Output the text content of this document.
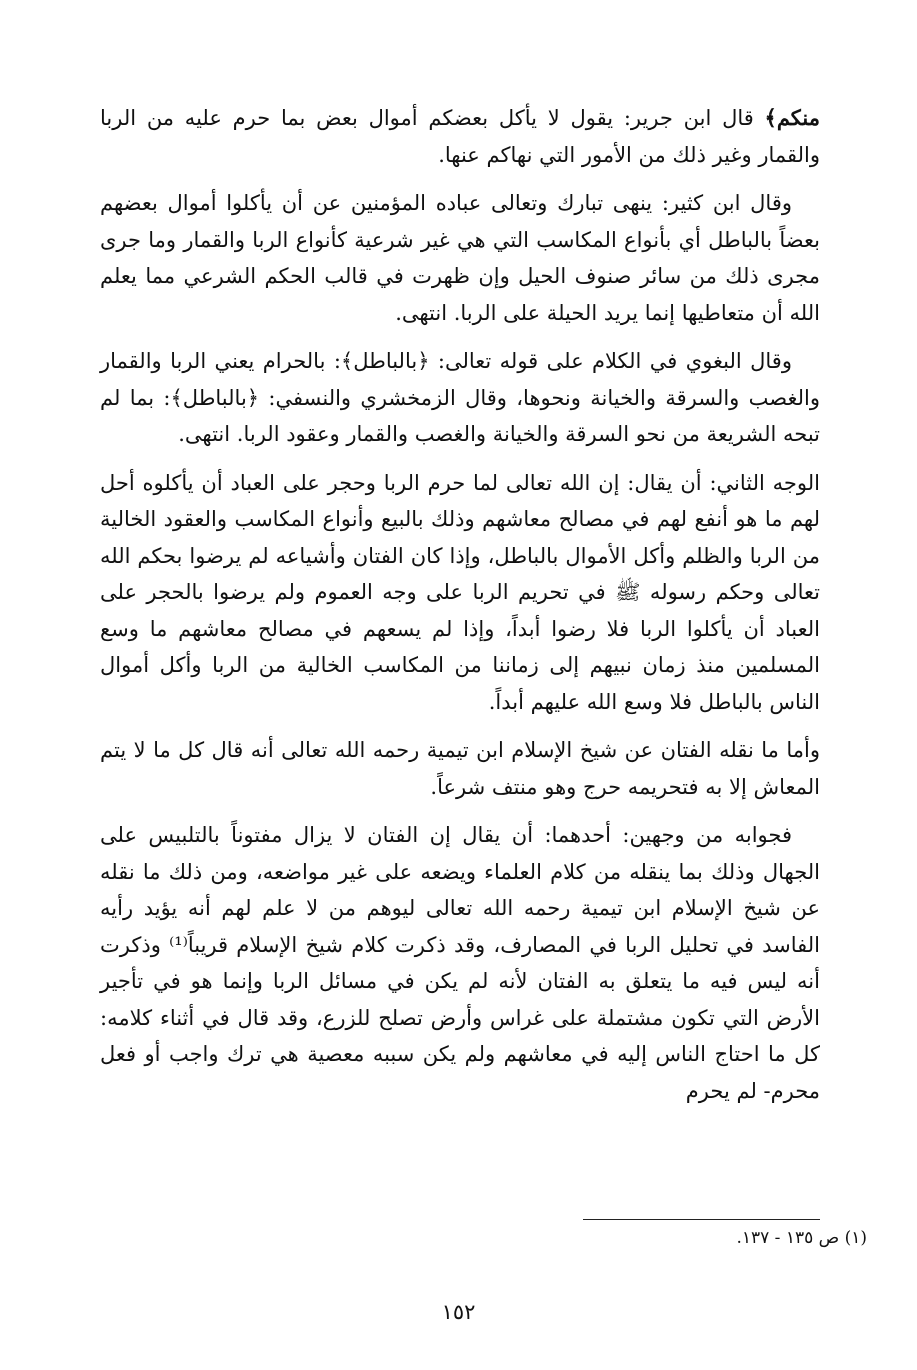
منكم﴾ قال ابن جرير: يقول لا يأكل بعضكم أموال بعض بما حرم عليه من الربا والقمار وغير ذلك من الأمور التي نهاكم عنها.

وقال ابن كثير: ينهى تبارك وتعالى عباده المؤمنين عن أن يأكلوا أموال بعضهم بعضاً بالباطل أي بأنواع المكاسب التي هي غير شرعية كأنواع الربا والقمار وما جرى مجرى ذلك من سائر صنوف الحيل وإن ظهرت في قالب الحكم الشرعي مما يعلم الله أن متعاطيها إنما يريد الحيلة على الربا. انتهى.

وقال البغوي في الكلام على قوله تعالى: ﴿بالباطل﴾: بالحرام يعني الربا والقمار والغصب والسرقة والخيانة ونحوها، وقال الزمخشري والنسفي: ﴿بالباطل﴾: بما لم تبحه الشريعة من نحو السرقة والخيانة والغصب والقمار وعقود الربا. انتهى.

الوجه الثاني: أن يقال: إن الله تعالى لما حرم الربا وحجر على العباد أن يأكلوه أحل لهم ما هو أنفع لهم في مصالح معاشهم وذلك بالبيع وأنواع المكاسب والعقود الخالية من الربا والظلم وأكل الأموال بالباطل، وإذا كان الفتان وأشياعه لم يرضوا بحكم الله تعالى وحكم رسوله ﷺ في تحريم الربا على وجه العموم ولم يرضوا بالحجر على العباد أن يأكلوا الربا فلا رضوا أبداً، وإذا لم يسعهم في مصالح معاشهم ما وسع المسلمين منذ زمان نبيهم إلى زماننا من المكاسب الخالية من الربا وأكل أموال الناس بالباطل فلا وسع الله عليهم أبداً.

وأما ما نقله الفتان عن شيخ الإسلام ابن تيمية رحمه الله تعالى أنه قال كل ما لا يتم المعاش إلا به فتحريمه حرج وهو منتف شرعاً.

فجوابه من وجهين: أحدهما: أن يقال إن الفتان لا يزال مفتوناً بالتلبيس على الجهال وذلك بما ينقله من كلام العلماء ويضعه على غير مواضعه، ومن ذلك ما نقله عن شيخ الإسلام ابن تيمية رحمه الله تعالى ليوهم من لا علم لهم أنه يؤيد رأيه الفاسد في تحليل الربا في المصارف، وقد ذكرت كلام شيخ الإسلام قريباً⁽¹⁾ وذكرت أنه ليس فيه ما يتعلق به الفتان لأنه لم يكن في مسائل الربا وإنما هو في تأجير الأرض التي تكون مشتملة على غراس وأرض تصلح للزرع، وقد قال في أثناء كلامه: كل ما احتاج الناس إليه في معاشهم ولم يكن سببه معصية هي ترك واجب أو فعل محرم- لم يحرم

(١) ص ١٣٥ - ١٣٧.
١٥٢
